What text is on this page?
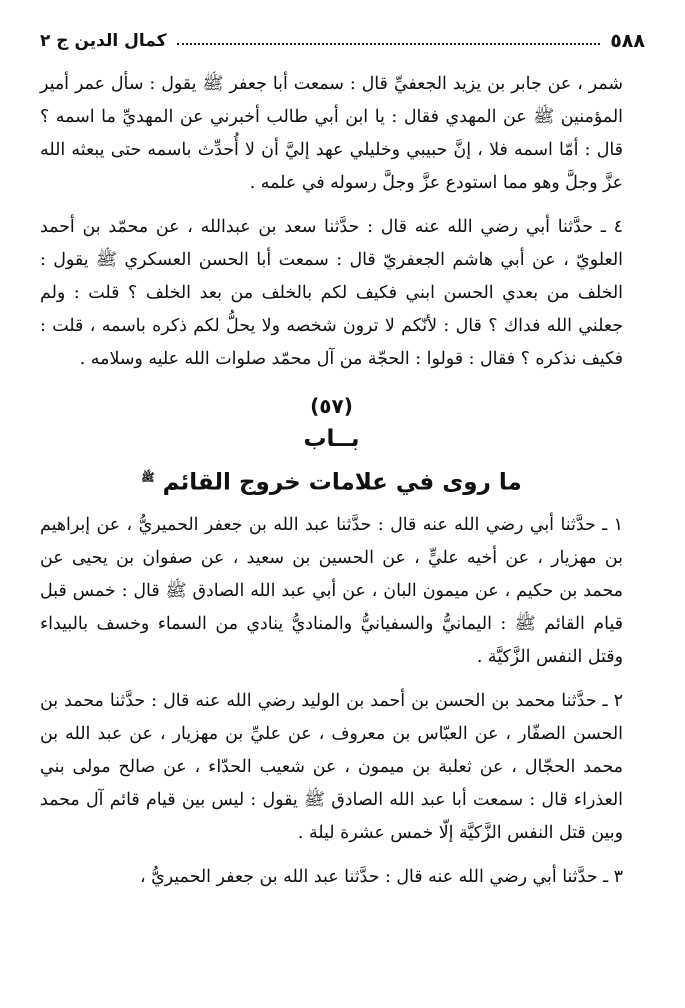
٥٨٨
كمال الدين ج ٢

شمر ، عن جابر بن يزيد الجعفيِّ قال : سمعت أبا جعفر ﷺ يقول : سأل عمر أمير المؤمنين ﷺ عن المهدي فقال : يا ابن أبي طالب أخبرني عن المهديِّ ما اسمه ؟ قال : أمّا اسمه فلا ، إنَّ حبيبي وخليلي عهد إليَّ أن لا أُحدِّث باسمه حتى يبعثه الله عزَّ وجلَّ وهو مما استودع عزَّ وجلَّ رسوله في علمه .

٤ ـ حدَّثنا أبي رضي الله عنه قال : حدَّثنا سعد بن عبدالله ، عن محمّد بن أحمد العلويّ ، عن أبي هاشم الجعفريّ قال : سمعت أبا الحسن العسكري ﷺ يقول : الخلف من بعدي الحسن ابني فكيف لكم بالخلف من بعد الخلف ؟ قلت : ولم جعلني الله فداك ؟ قال : لأنّكم لا ترون شخصه ولا يحلُّ لكم ذكره باسمه ، قلت : فكيف نذكره ؟ فقال : قولوا : الحجّة من آل محمّد صلوات الله عليه وسلامه .

(٥٧)
بــاب
ما روى في علامات خروج القائم $^ﷺ$

١ ـ حدَّثنا أبي رضي الله عنه قال : حدَّثنا عبد الله بن جعفر الحميريُّ ، عن إبراهيم بن مهزيار ، عن أخيه عليٍّ ، عن الحسين بن سعيد ، عن صفوان بن يحيى عن محمد بن حكيم ، عن ميمون البان ، عن أبي عبد الله الصادق ﷺ قال : خمس قبل قيام القائم ﷺ : اليمانيُّ والسفيانيُّ والمناديُّ ينادي من السماء وخسف بالبيداء وقتل النفس الزَّكيَّة .

٢ ـ حدَّثنا محمد بن الحسن بن أحمد بن الوليد رضي الله عنه قال : حدَّثنا محمد بن الحسن الصفّار ، عن العبّاس بن معروف ، عن عليِّ بن مهزيار ، عن عبد الله بن محمد الحجّال ، عن ثعلبة بن ميمون ، عن شعيب الحدّاء ، عن صالح مولى بني العذراء قال : سمعت أبا عبد الله الصادق ﷺ يقول : ليس بين قيام قائم آل محمد وبين قتل النفس الزَّكيَّة إلّا خمس عشرة ليلة .

٣ ـ حدَّثنا أبي رضي الله عنه قال : حدَّثنا عبد الله بن جعفر الحميريُّ ،
